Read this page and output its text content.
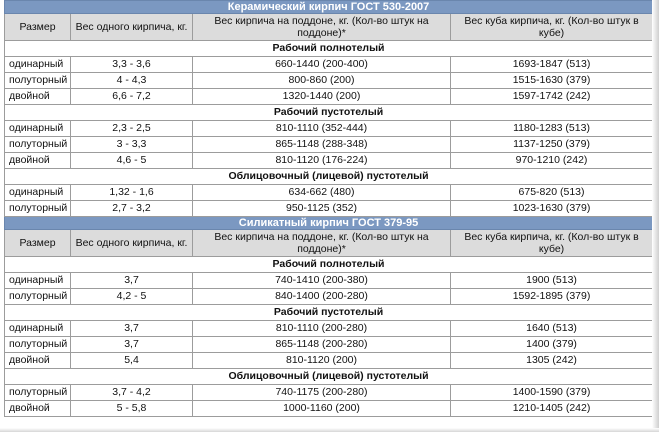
Керамический кирпич ГОСТ 530-2007			
Размер	Вес одного кирпича, кг.	Вес кирпича на поддоне, кг. (Кол-во штук на поддоне)*	Вес куба кирпича, кг. (Кол-во штук в кубе)
Рабочий полнотелый			
одинарный	3,3 - 3,6	660-1440 (200-400)	1693-1847 (513)
полуторный	4 - 4,3	800-860 (200)	1515-1630 (379)
двойной	6,6 - 7,2	1320-1440 (200)	1597-1742 (242)
Рабочий пустотелый			
одинарный	2,3 - 2,5	810-1110 (352-444)	1180-1283 (513)
полуторный	3 - 3,3	865-1148 (288-348)	1137-1250 (379)
двойной	4,6 - 5	810-1120 (176-224)	970-1210 (242)
Облицовочный (лицевой) пустотелый			
одинарный	1,32 - 1,6	634-662 (480)	675-820 (513)
полуторный	2,7 - 3,2	950-1125 (352)	1023-1630 (379)
Силикатный кирпич ГОСТ 379-95			
Размер	Вес одного кирпича, кг.	Вес кирпича на поддоне, кг. (Кол-во штук на поддоне)*	Вес куба кирпича, кг. (Кол-во штук в кубе)
Рабочий полнотелый			
одинарный	3,7	740-1410 (200-380)	1900 (513)
полуторный	4,2 - 5	840-1400 (200-280)	1592-1895 (379)
Рабочий пустотелый			
одинарный	3,7	810-1110 (200-280)	1640 (513)
полуторный	3,7	865-1148 (200-280)	1400 (379)
двойной	5,4	810-1120 (200)	1305 (242)
Облицовочный (лицевой) пустотелый			
полуторный	3,7 - 4,2	740-1175 (200-280)	1400-1590 (379)
двойной	5 - 5,8	1000-1160 (200)	1210-1405 (242)
